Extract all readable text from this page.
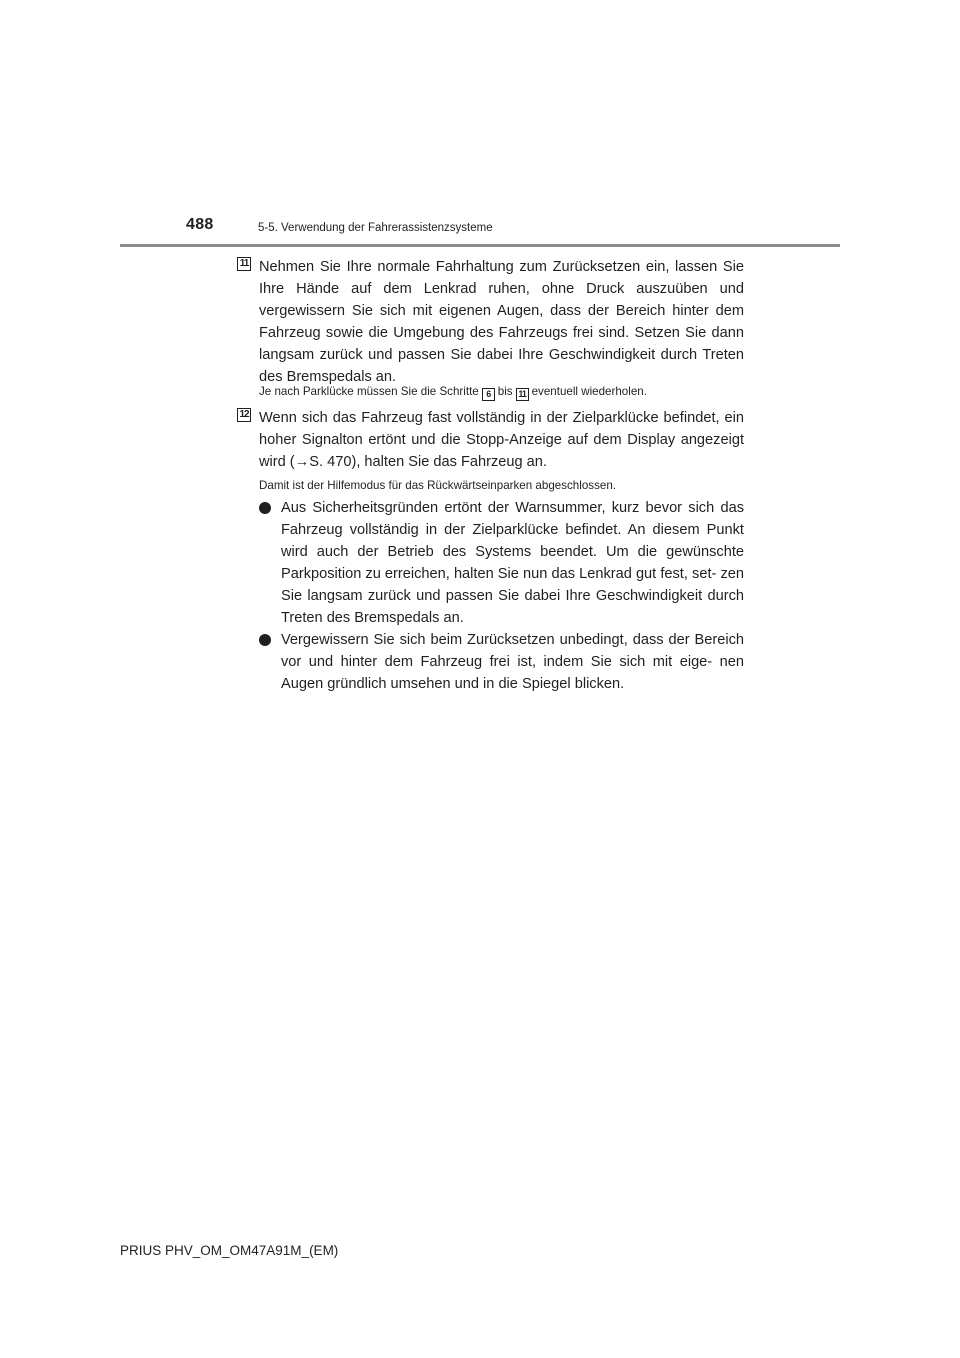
488	5-5. Verwendung der Fahrerassistenzsysteme
11 Nehmen Sie Ihre normale Fahrhaltung zum Zurücksetzen ein, lassen Sie Ihre Hände auf dem Lenkrad ruhen, ohne Druck auszuüben und vergewissern Sie sich mit eigenen Augen, dass der Bereich hinter dem Fahrzeug sowie die Umgebung des Fahrzeugs frei sind. Setzen Sie dann langsam zurück und passen Sie dabei Ihre Geschwindigkeit durch Treten des Bremspedals an.
Je nach Parklücke müssen Sie die Schritte 6 bis 11 eventuell wiederholen.
12 Wenn sich das Fahrzeug fast vollständig in der Zielparklücke befindet, ein hoher Signalton ertönt und die Stopp-Anzeige auf dem Display angezeigt wird (→S. 470), halten Sie das Fahrzeug an.
Damit ist der Hilfemodus für das Rückwärtseinparken abgeschlossen.
Aus Sicherheitsgründen ertönt der Warnsummer, kurz bevor sich das Fahrzeug vollständig in der Zielparklücke befindet. An diesem Punkt wird auch der Betrieb des Systems beendet. Um die gewünschte Parkposition zu erreichen, halten Sie nun das Lenkrad gut fest, set- zen Sie langsam zurück und passen Sie dabei Ihre Geschwindigkeit durch Treten des Bremspedals an.
Vergewissern Sie sich beim Zurücksetzen unbedingt, dass der Bereich vor und hinter dem Fahrzeug frei ist, indem Sie sich mit eige- nen Augen gründlich umsehen und in die Spiegel blicken.
PRIUS PHV_OM_OM47A91M_(EM)
